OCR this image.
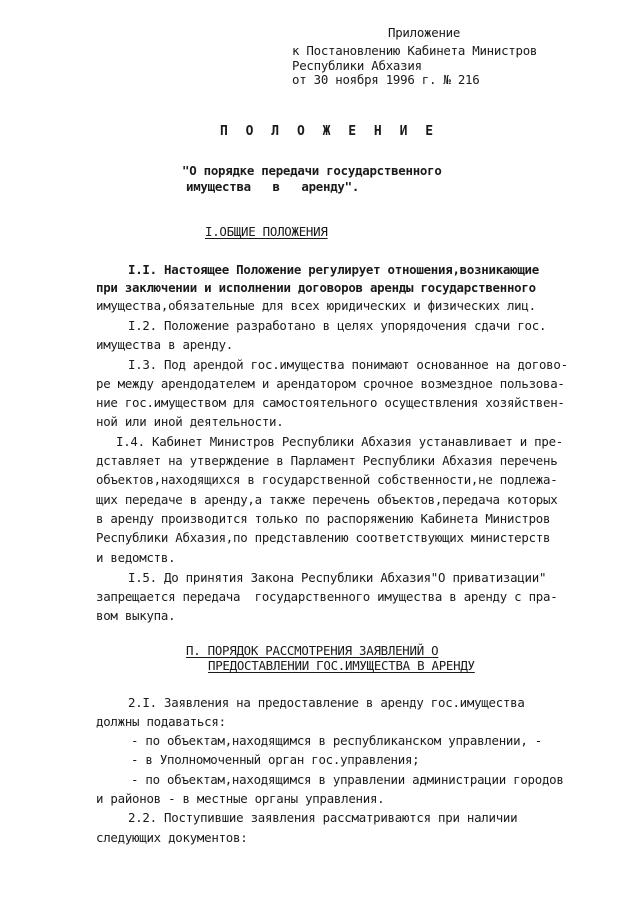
Приложение
к Постановлению Кабинета Министров
Республики Абхазия
от 30 ноября 1996 г. № 216
П О Л О Ж Е Н И Е
"О порядке передачи государственного
имущества   в   аренду".
I.ОБЩИЕ ПОЛОЖЕНИЯ
I.I. Настоящее Положение регулирует отношения,возникающие
при заключении и исполнении договоров аренды государственного
имущества,обязательные для всех юридических и физических лиц.
I.2. Положение разработано в целях упорядочения сдачи гос.
имущества в аренду.
I.3. Под арендой гос.имущества понимают основанное на догово-
ре между арендодателем и арендатором срочное возмездное пользова-
ние гос.имуществом для самостоятельного осуществления хозяйствен-
ной или иной деятельности.
I.4. Кабинет Министров Республики Абхазия устанавливает и пре-
дставляет на утверждение в Парламент Республики Абхазия перечень
объектов,находящихся в государственной собственности,не подлежа-
щих передаче в аренду,а также перечень объектов,передача которых
в аренду производится только по распоряжению Кабинета Министров
Республики Абхазия,по представлению соответствующих министерств
и ведомств.
I.5. До принятия Закона Республики Абхазия"О приватизации"
запрещается передача  государственного имущества в аренду с пра-
вом выкупа.
П. ПОРЯДОК РАССМОТРЕНИЯ ЗАЯВЛЕНИЙ О
ПРЕДОСТАВЛЕНИИ ГОС.ИМУЩЕСТВА В АРЕНДУ
2.I. Заявления на предоставление в аренду гос.имущества
должны подаваться:
- по объектам,находящимся в республиканском управлении, -
- в Уполномоченный орган гос.управления;
- по объектам,находящимся в управлении администрации городов
и районов - в местные органы управления.
2.2. Поступившие заявления рассматриваются при наличии
следующих документов:
